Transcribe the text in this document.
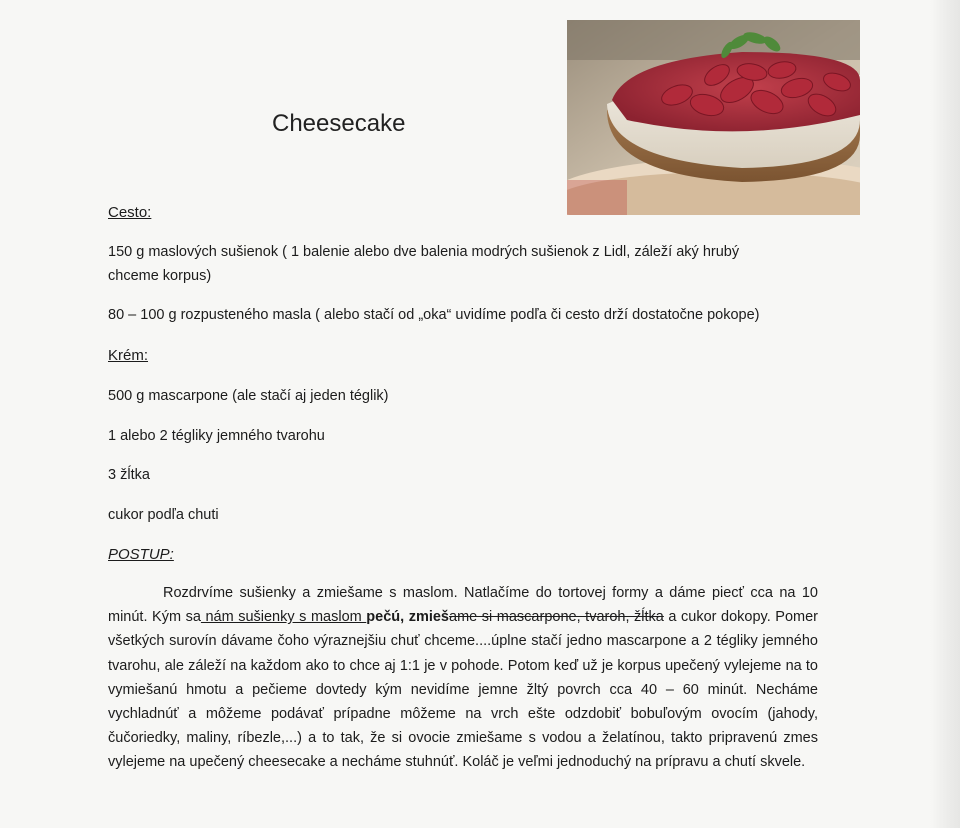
Cheesecake
Cesto:
150 g maslových sušienok ( 1 balenie alebo dve balenia modrých sušienok z Lidl, záleží aký hrubý
chceme korpus)
80 – 100 g rozpusteného masla ( alebo stačí od „oka“ uvidíme podľa či cesto drží dostatočne pokope)
Krém:
500 g mascarpone (ale stačí aj jeden téglik)
1 alebo 2 tégliky jemného tvarohu
3 žĺtka
cukor podľa chuti
POSTUP:
Rozdrvíme sušienky a zmiešame s maslom. Natlačíme do tortovej formy a dáme piecť cca na 10 minút. Kým sa nám sušienky s maslom pečú, zmiešame si mascarpone, tvaroh, žĺtka a cukor dokopy. Pomer všetkých surovín dávame čoho výraznejšiu chuť chceme....úplne stačí jedno mascarpone a 2 tégliky jemného tvarohu, ale záleží na každom ako to chce aj 1:1 je v pohode. Potom keď už je korpus upečený vylejeme na to vymiešanú hmotu a pečieme dovtedy kým nevidíme jemne žltý povrch cca 40 – 60 minút. Necháme vychladnúť a môžeme podávať prípadne môžeme na vrch ešte odzdobiť bobuľovým ovocím (jahody, čučoriedky, maliny, ríbezle,...) a to tak, že si ovocie zmiešame s vodou a želatínou, takto pripravenú zmes vylejeme na upečený cheesecake a necháme stuhnúť. Koláč je veľmi jednoduchý na prípravu a chutí skvele.
